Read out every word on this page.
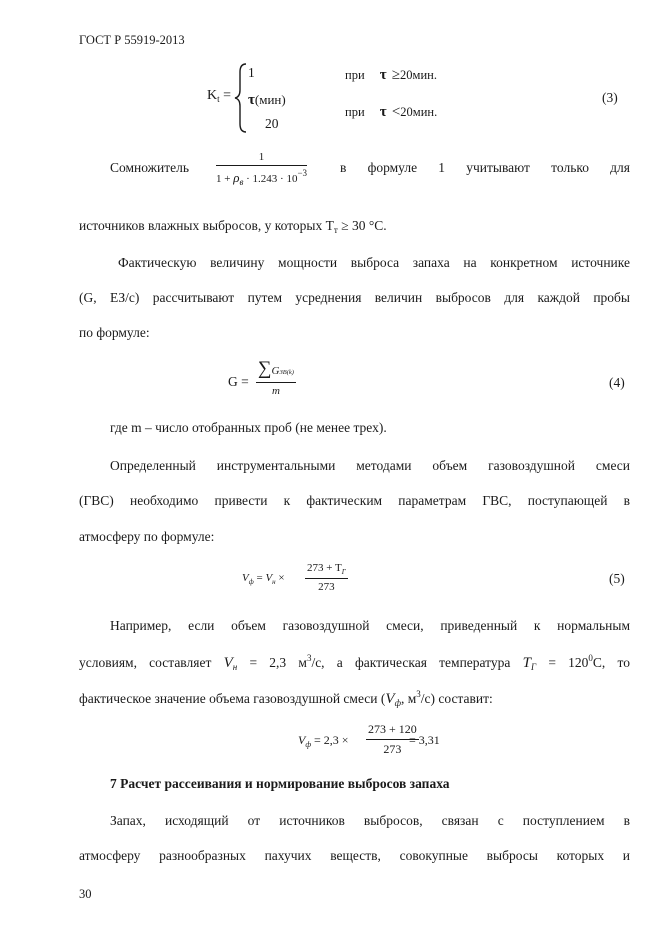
ГОСТ Р 55919-2013
$K_t$ =
1	при τ ≥20мин.
τ(мин)
20
при τ <20мин.
(3)
Сомножитель $\frac{1}{1 + \rho_в \cdot 1.243 \cdot 10^{-3}}$ в формуле 1 учитывают только для
источников влажных выбросов, у которых $T_т \ge 30$ °С.
Фактическую величину мощности выброса запаха на конкретном источнике
(G, ЕЗ/с) рассчитывают путем усреднения величин выбросов для каждой пробы
по формуле:
$G = \frac{\text{∑GЗВ(k)}}{m}$	(4)
где m – число отобранных проб (не менее трех).
Определенный инструментальными методами объем газовоздушной смеси
(ГВС) необходимо привести к фактическим параметрам ГВС, поступающей в
атмосферу по формуле:
$V_ф = V_н \times \frac{273 + T_Г}{273}$	(5)
Например, если объем газовоздушной смеси, приведенный к нормальным
условиям, составляет $V_н = 2,3$ $м^3/с$, а фактическая температура $T_Г = 120^0С$, то
фактическое значение объема газовоздушной смеси ($V_ф$, $м^3/с$) составит:
$V_ф = 2,3 \times \frac{273 + 120}{273}$
= 3,31
7 Расчет рассеивания и нормирование выбросов запаха
Запах, исходящий от источников выбросов, связан с поступлением в
атмосферу разнообразных пахучих веществ, совокупные выбросы которых и
30
